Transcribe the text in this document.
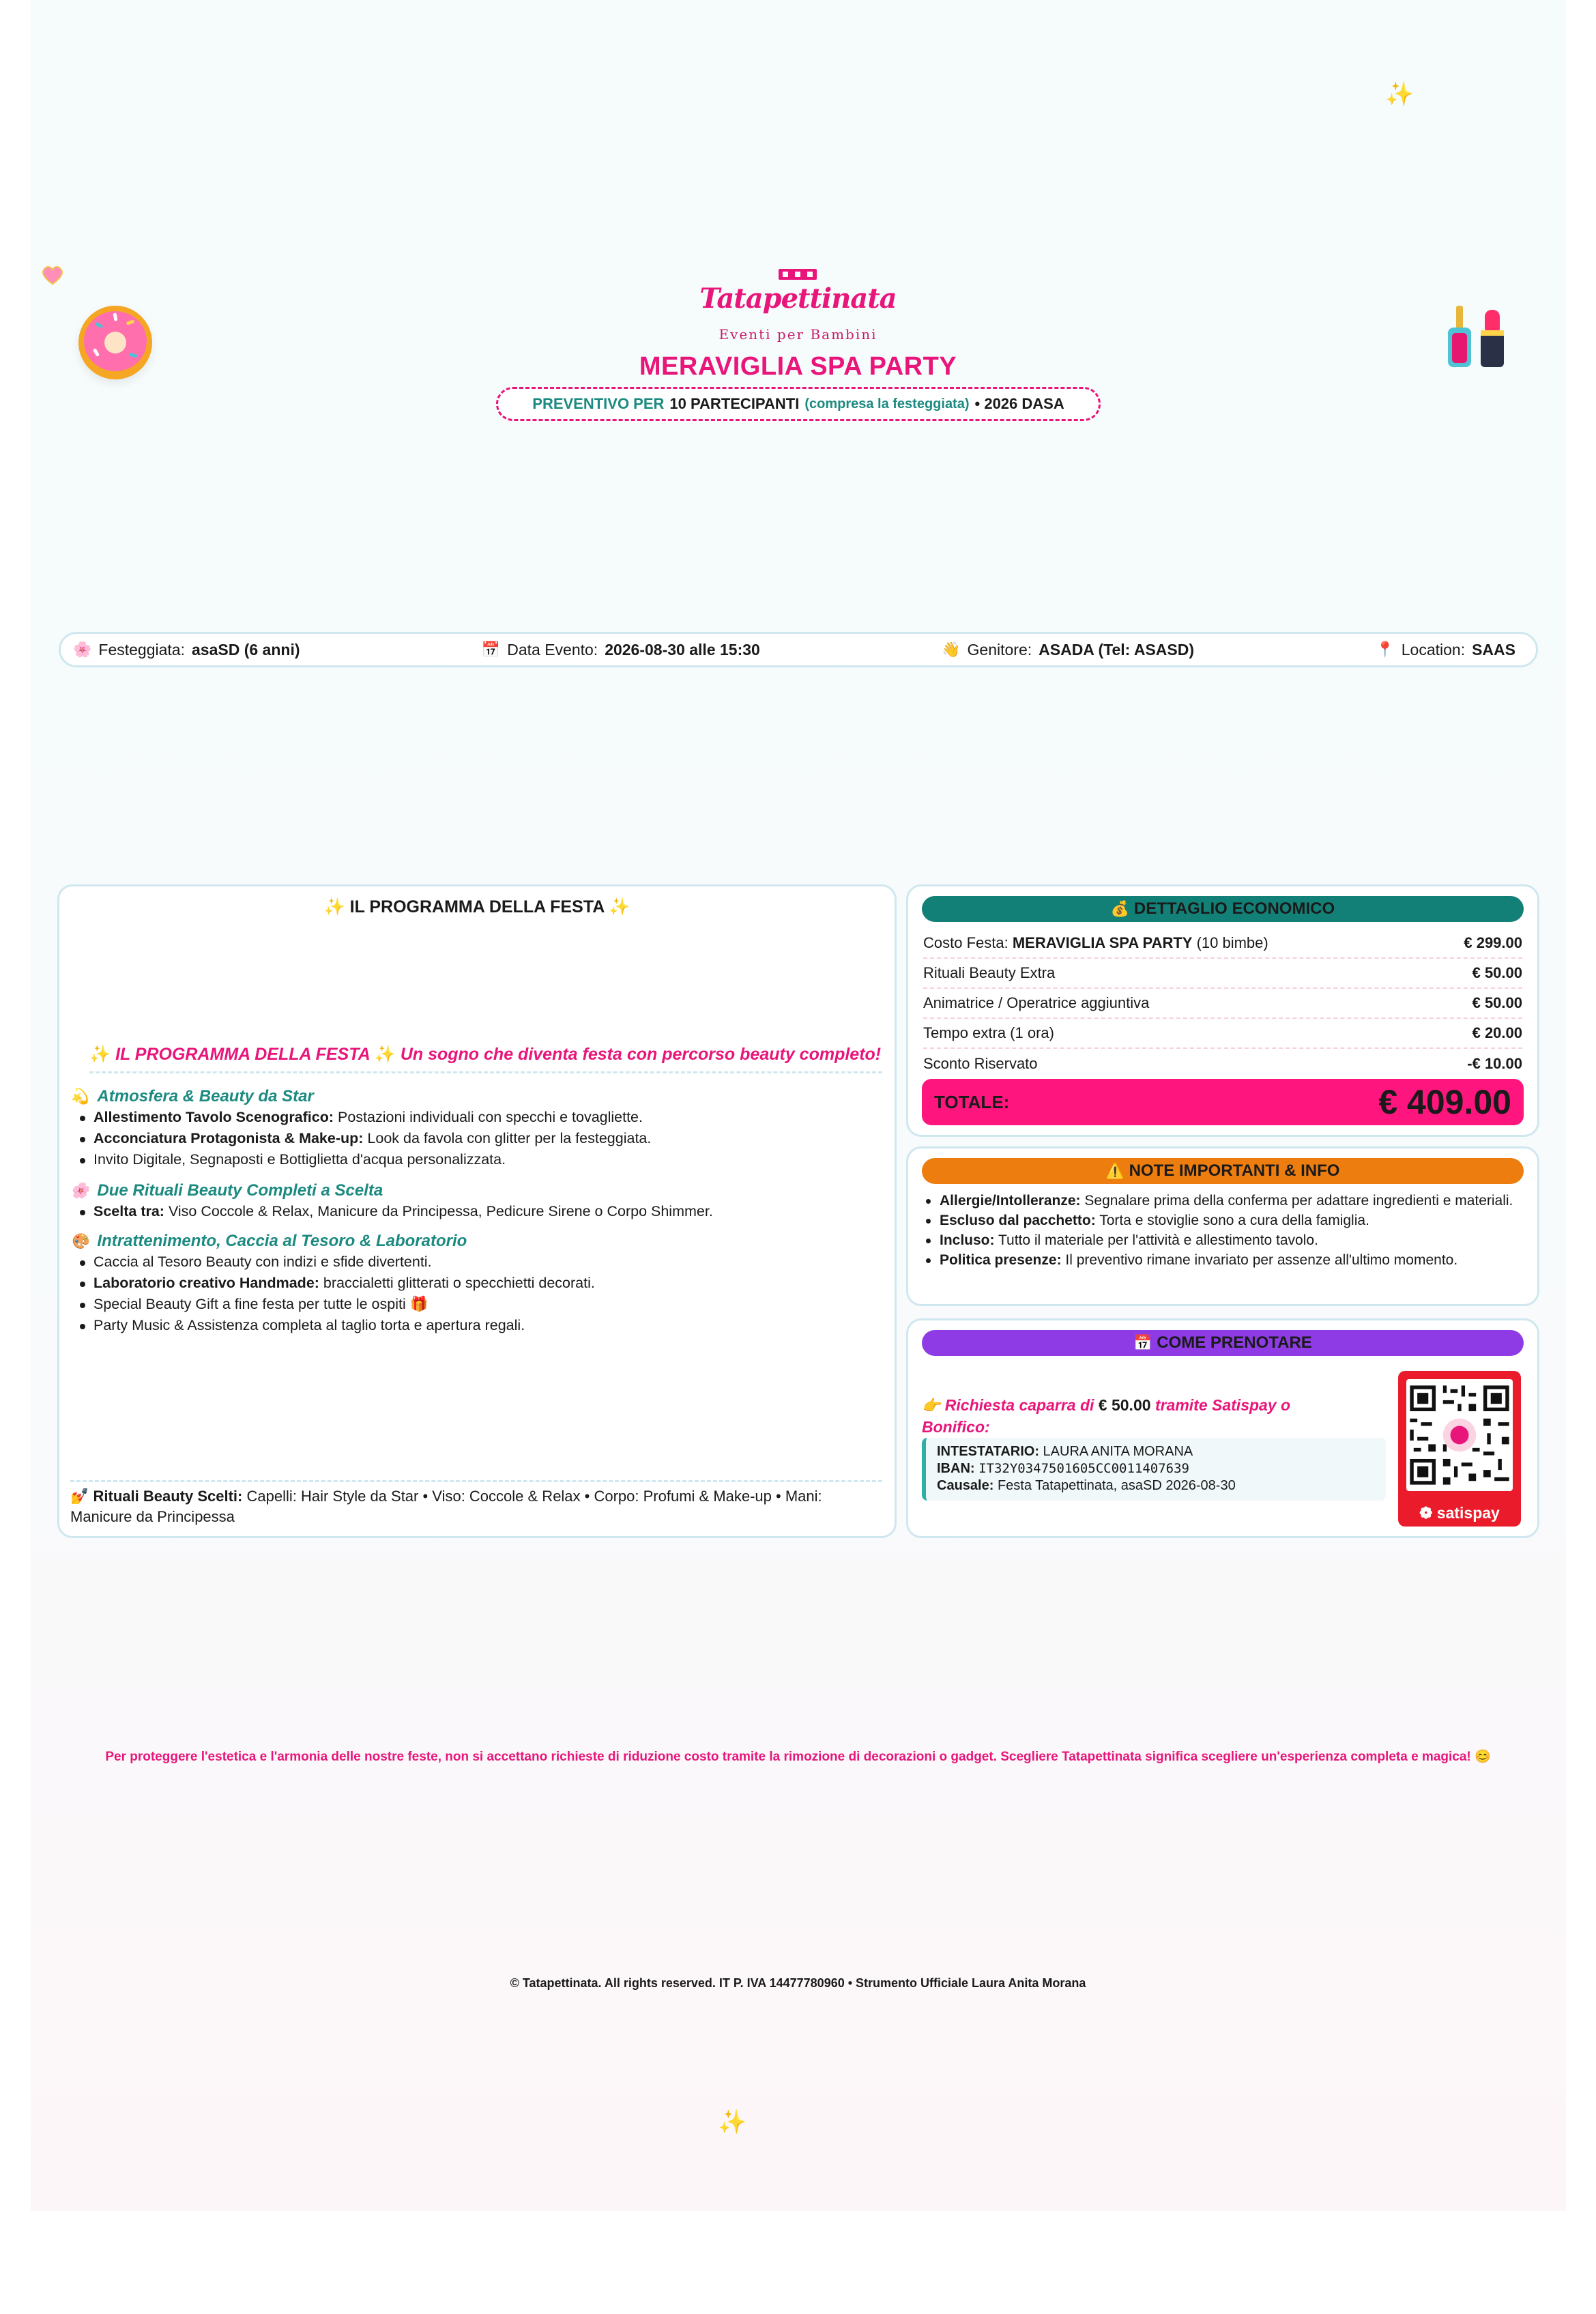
✨
✨
Tatapettinata
Eventi per Bambini
MERAVIGLIA SPA PARTY
PREVENTIVO PER 10 PARTECIPANTI (compresa la festeggiata) • 2026 DASA
🌸 Festeggiata: asaSD (6 anni)	📅 Data Evento: 2026-08-30 alle 15:30	👋 Genitore: ASADA (Tel: ASASD)	📍 Location: SAAS
✨ IL PROGRAMMA DELLA FESTA ✨
✨ IL PROGRAMMA DELLA FESTA ✨ Un sogno che diventa festa con percorso beauty completo!
💫 Atmosfera & Beauty da Star
Allestimento Tavolo Scenografico: Postazioni individuali con specchi e tovagliette.
Acconciatura Protagonista & Make-up: Look da favola con glitter per la festeggiata.
Invito Digitale, Segnaposti e Bottiglietta d'acqua personalizzata.
🌸 Due Rituali Beauty Completi a Scelta
Scelta tra: Viso Coccole & Relax, Manicure da Principessa, Pedicure Sirene o Corpo Shimmer.
🎨 Intrattenimento, Caccia al Tesoro & Laboratorio
Caccia al Tesoro Beauty con indizi e sfide divertenti.
Laboratorio creativo Handmade: braccialetti glitterati o specchietti decorati.
Special Beauty Gift a fine festa per tutte le ospiti 🎁
Party Music & Assistenza completa al taglio torta e apertura regali.
💅 Rituali Beauty Scelti: Capelli: Hair Style da Star • Viso: Coccole & Relax • Corpo: Profumi & Make-up • Mani: Manicure da Principessa
💰 DETTAGLIO ECONOMICO
Costo Festa: MERAVIGLIA SPA PARTY (10 bimbe)	€ 299.00
Rituali Beauty Extra	€ 50.00
Animatrice / Operatrice aggiuntiva	€ 50.00
Tempo extra (1 ora)	€ 20.00
Sconto Riservato	-€ 10.00
TOTALE:	€ 409.00
⚠️ NOTE IMPORTANTI & INFO
Allergie/Intolleranze: Segnalare prima della conferma per adattare ingredienti e materiali.
Escluso dal pacchetto: Torta e stoviglie sono a cura della famiglia.
Incluso: Tutto il materiale per l'attività e allestimento tavolo.
Politica presenze: Il preventivo rimane invariato per assenze all'ultimo momento.
📅 COME PRENOTARE
👉 Richiesta caparra di € 50.00 tramite Satispay o Bonifico:
INTESTATARIO: LAURA ANITA MORANA
IBAN: IT32Y0347501605CC0011407639
Causale: Festa Tatapettinata, asaSD 2026-08-30
❁ satispay
Per proteggere l'estetica e l'armonia delle nostre feste, non si accettano richieste di riduzione costo tramite la rimozione di decorazioni o gadget. Scegliere Tatapettinata significa scegliere un'esperienza completa e magica! 😊
© Tatapettinata. All rights reserved. IT P. IVA 14477780960 • Strumento Ufficiale Laura Anita Morana
